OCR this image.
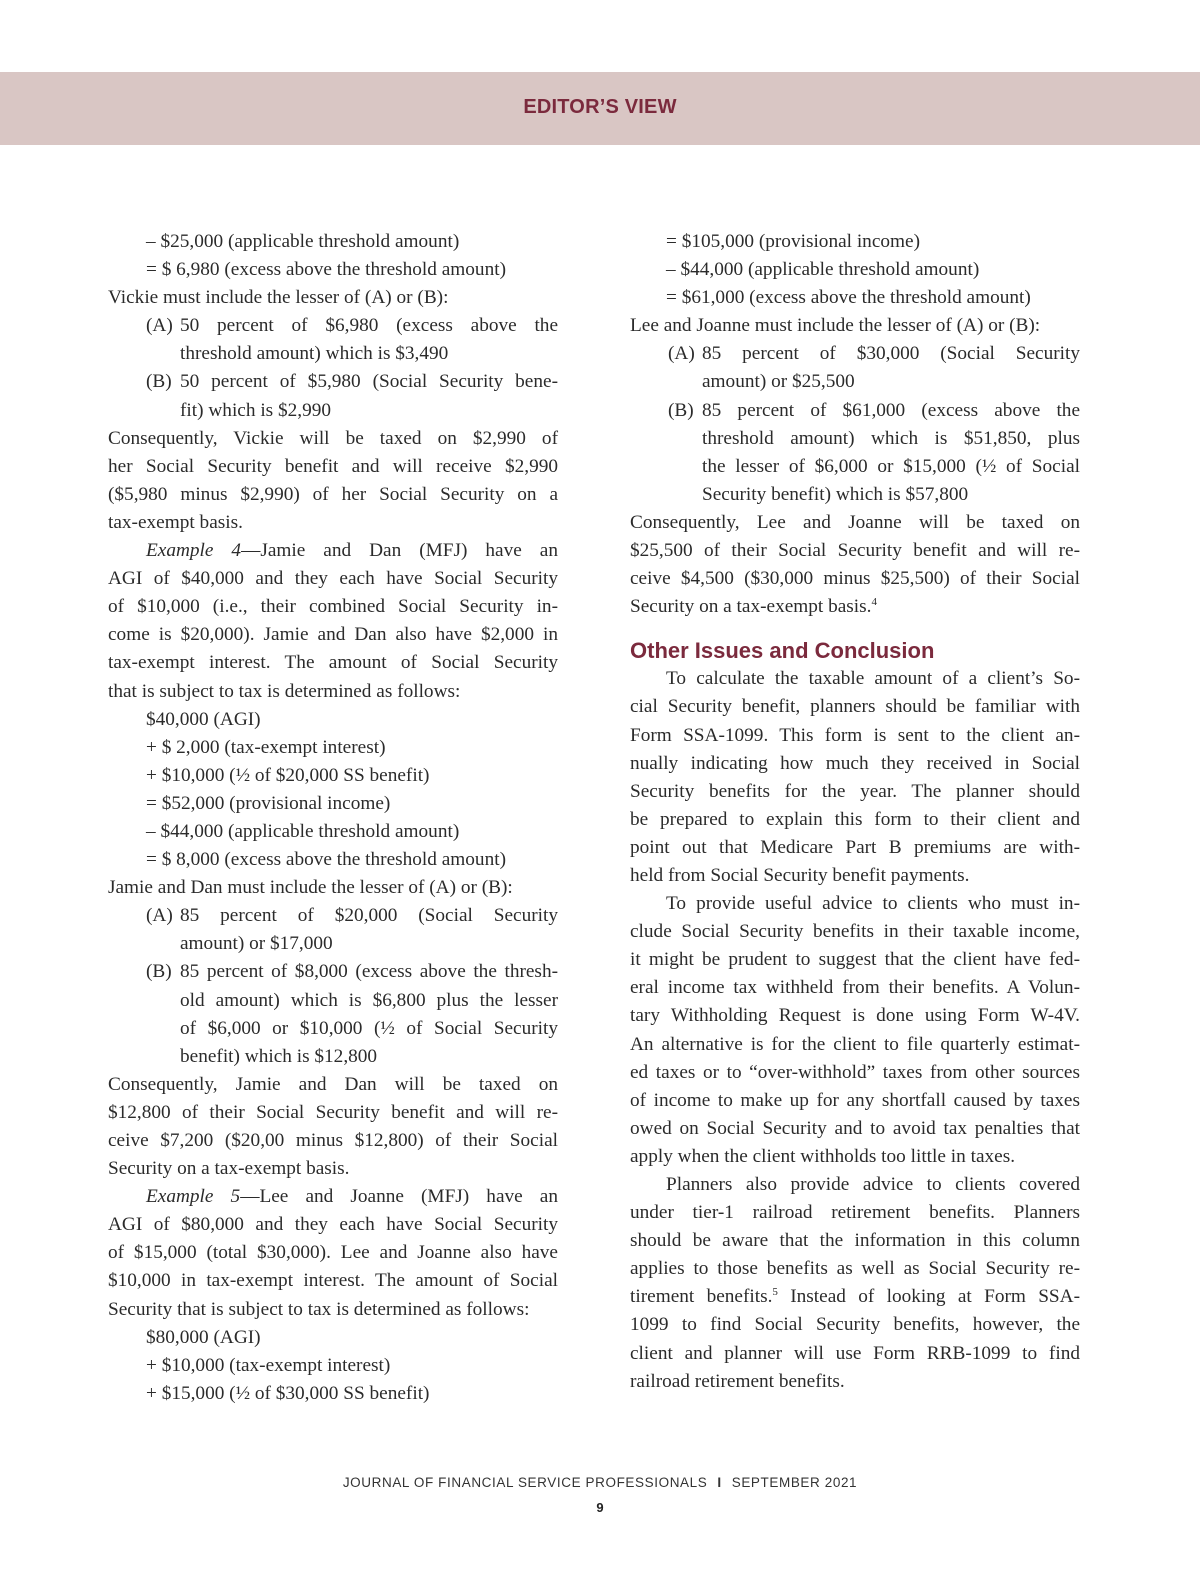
EDITOR’S VIEW
– $25,000 (applicable threshold amount)
= $ 6,980 (excess above the threshold amount)
Vickie must include the lesser of (A) or (B):
(A) 50 percent of $6,980 (excess above the
threshold amount) which is $3,490
(B) 50 percent of $5,980 (Social Security bene-
fit) which is $2,990
Consequently, Vickie will be taxed on $2,990 of
her Social Security benefit and will receive $2,990
($5,980 minus $2,990) of her Social Security on a
tax-exempt basis.
Example 4—Jamie and Dan (MFJ) have an
AGI of $40,000 and they each have Social Security
of $10,000 (i.e., their combined Social Security in-
come is $20,000). Jamie and Dan also have $2,000 in
tax-exempt interest. The amount of Social Security
that is subject to tax is determined as follows:
$40,000 (AGI)
+ $ 2,000 (tax-exempt interest)
+ $10,000 (½ of $20,000 SS benefit)
= $52,000 (provisional income)
– $44,000 (applicable threshold amount)
= $ 8,000 (excess above the threshold amount)
Jamie and Dan must include the lesser of (A) or (B):
(A) 85 percent of $20,000 (Social Security
amount) or $17,000
(B) 85 percent of $8,000 (excess above the thresh-
old amount) which is $6,800 plus the lesser
of $6,000 or $10,000 (½ of Social Security
benefit) which is $12,800
Consequently, Jamie and Dan will be taxed on
$12,800 of their Social Security benefit and will re-
ceive $7,200 ($20,00 minus $12,800) of their Social
Security on a tax-exempt basis.
Example 5—Lee and Joanne (MFJ) have an
AGI of $80,000 and they each have Social Security
of $15,000 (total $30,000). Lee and Joanne also have
$10,000 in tax-exempt interest. The amount of Social
Security that is subject to tax is determined as follows:
$80,000 (AGI)
+ $10,000 (tax-exempt interest)
+ $15,000 (½ of $30,000 SS benefit)
= $105,000 (provisional income)
– $44,000 (applicable threshold amount)
= $61,000 (excess above the threshold amount)
Lee and Joanne must include the lesser of (A) or (B):
(A) 85 percent of $30,000 (Social Security
amount) or $25,500
(B) 85 percent of $61,000 (excess above the
threshold amount) which is $51,850, plus
the lesser of $6,000 or $15,000 (½ of Social
Security benefit) which is $57,800
Consequently, Lee and Joanne will be taxed on
$25,500 of their Social Security benefit and will re-
ceive $4,500 ($30,000 minus $25,500) of their Social
Security on a tax-exempt basis.$^4$
Other Issues and Conclusion
To calculate the taxable amount of a client’s So-
cial Security benefit, planners should be familiar with
Form SSA-1099. This form is sent to the client an-
nually indicating how much they received in Social
Security benefits for the year. The planner should
be prepared to explain this form to their client and
point out that Medicare Part B premiums are with-
held from Social Security benefit payments.
To provide useful advice to clients who must in-
clude Social Security benefits in their taxable income,
it might be prudent to suggest that the client have fed-
eral income tax withheld from their benefits. A Volun-
tary Withholding Request is done using Form W-4V.
An alternative is for the client to file quarterly estimat-
ed taxes or to “over-withhold” taxes from other sources
of income to make up for any shortfall caused by taxes
owed on Social Security and to avoid tax penalties that
apply when the client withholds too little in taxes.
Planners also provide advice to clients covered
under tier-1 railroad retirement benefits. Planners
should be aware that the information in this column
applies to those benefits as well as Social Security re-
tirement benefits.$^5$ Instead of looking at Form SSA-
1099 to find Social Security benefits, however, the
client and planner will use Form RRB-1099 to find
railroad retirement benefits.
JOURNAL OF FINANCIAL SERVICE PROFESSIONALS I SEPTEMBER 2021
9
